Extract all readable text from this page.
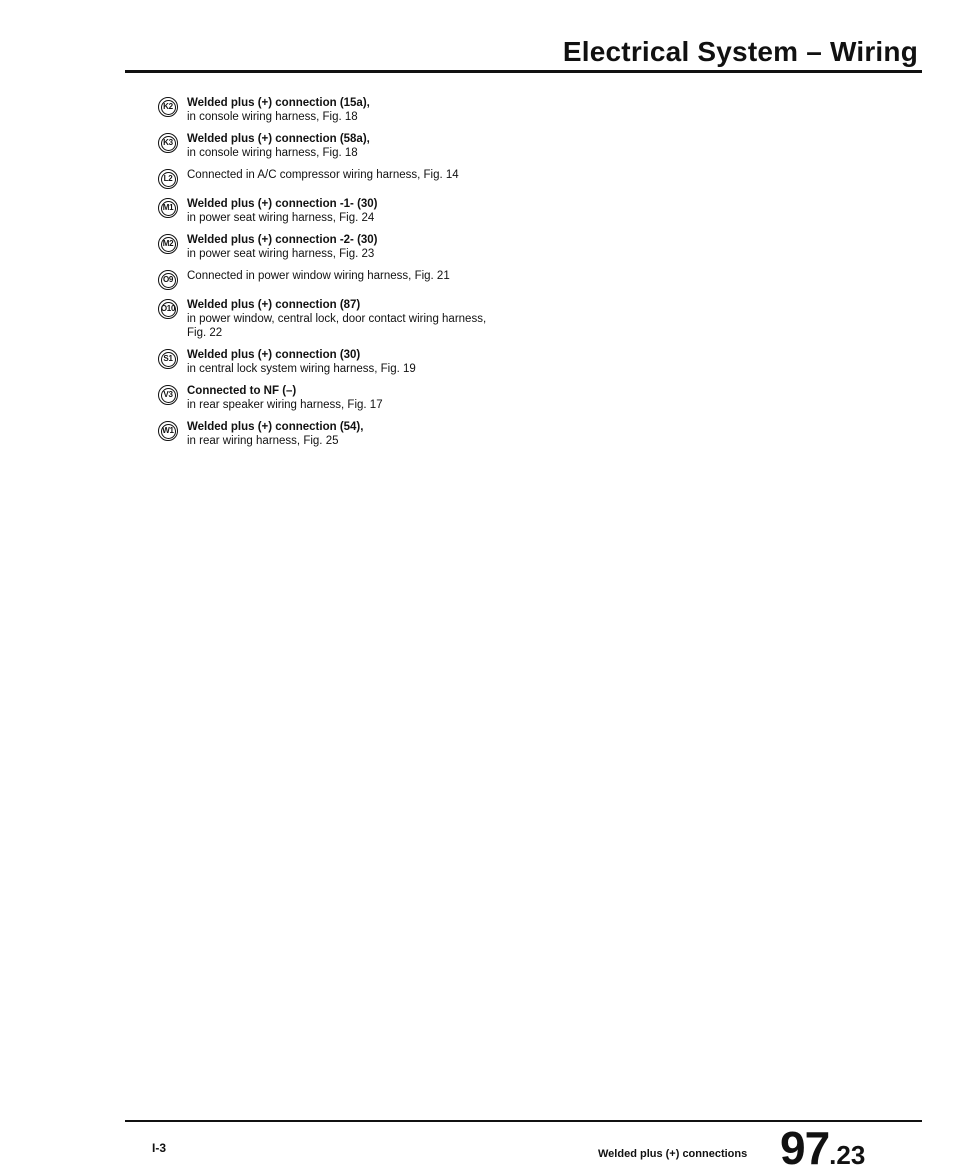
Electrical System – Wiring
K2 Welded plus (+) connection (15a),
in console wiring harness, Fig. 18
K3 Welded plus (+) connection (58a),
in console wiring harness, Fig. 18
L2 Connected in A/C compressor wiring harness, Fig. 14
M1 Welded plus (+) connection -1- (30)
in power seat wiring harness, Fig. 24
M2 Welded plus (+) connection -2- (30)
in power seat wiring harness, Fig. 23
O9 Connected in power window wiring harness, Fig. 21
O10 Welded plus (+) connection (87)
in power window, central lock, door contact wiring harness, Fig. 22
S1 Welded plus (+) connection (30)
in central lock system wiring harness, Fig. 19
V3 Connected to NF (–)
in rear speaker wiring harness, Fig. 17
W1 Welded plus (+) connection (54),
in rear wiring harness, Fig. 25
I-3	Welded plus (+) connections 97.23
